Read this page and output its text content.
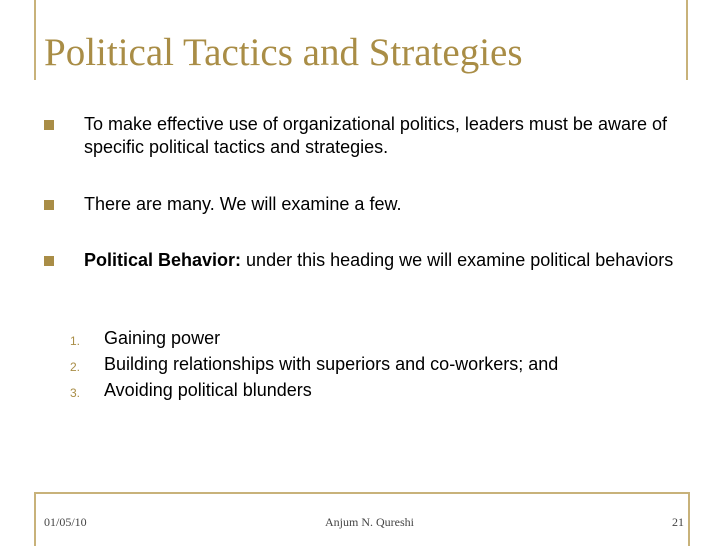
Political Tactics and Strategies
To make effective use of organizational politics, leaders must be aware of specific political tactics and strategies.
There are many. We will examine a few.
Political Behavior: under this heading we will examine political behaviors
1. Gaining power
2. Building relationships with superiors and co-workers; and
3. Avoiding political blunders
01/05/10	Anjum N. Qureshi	21
